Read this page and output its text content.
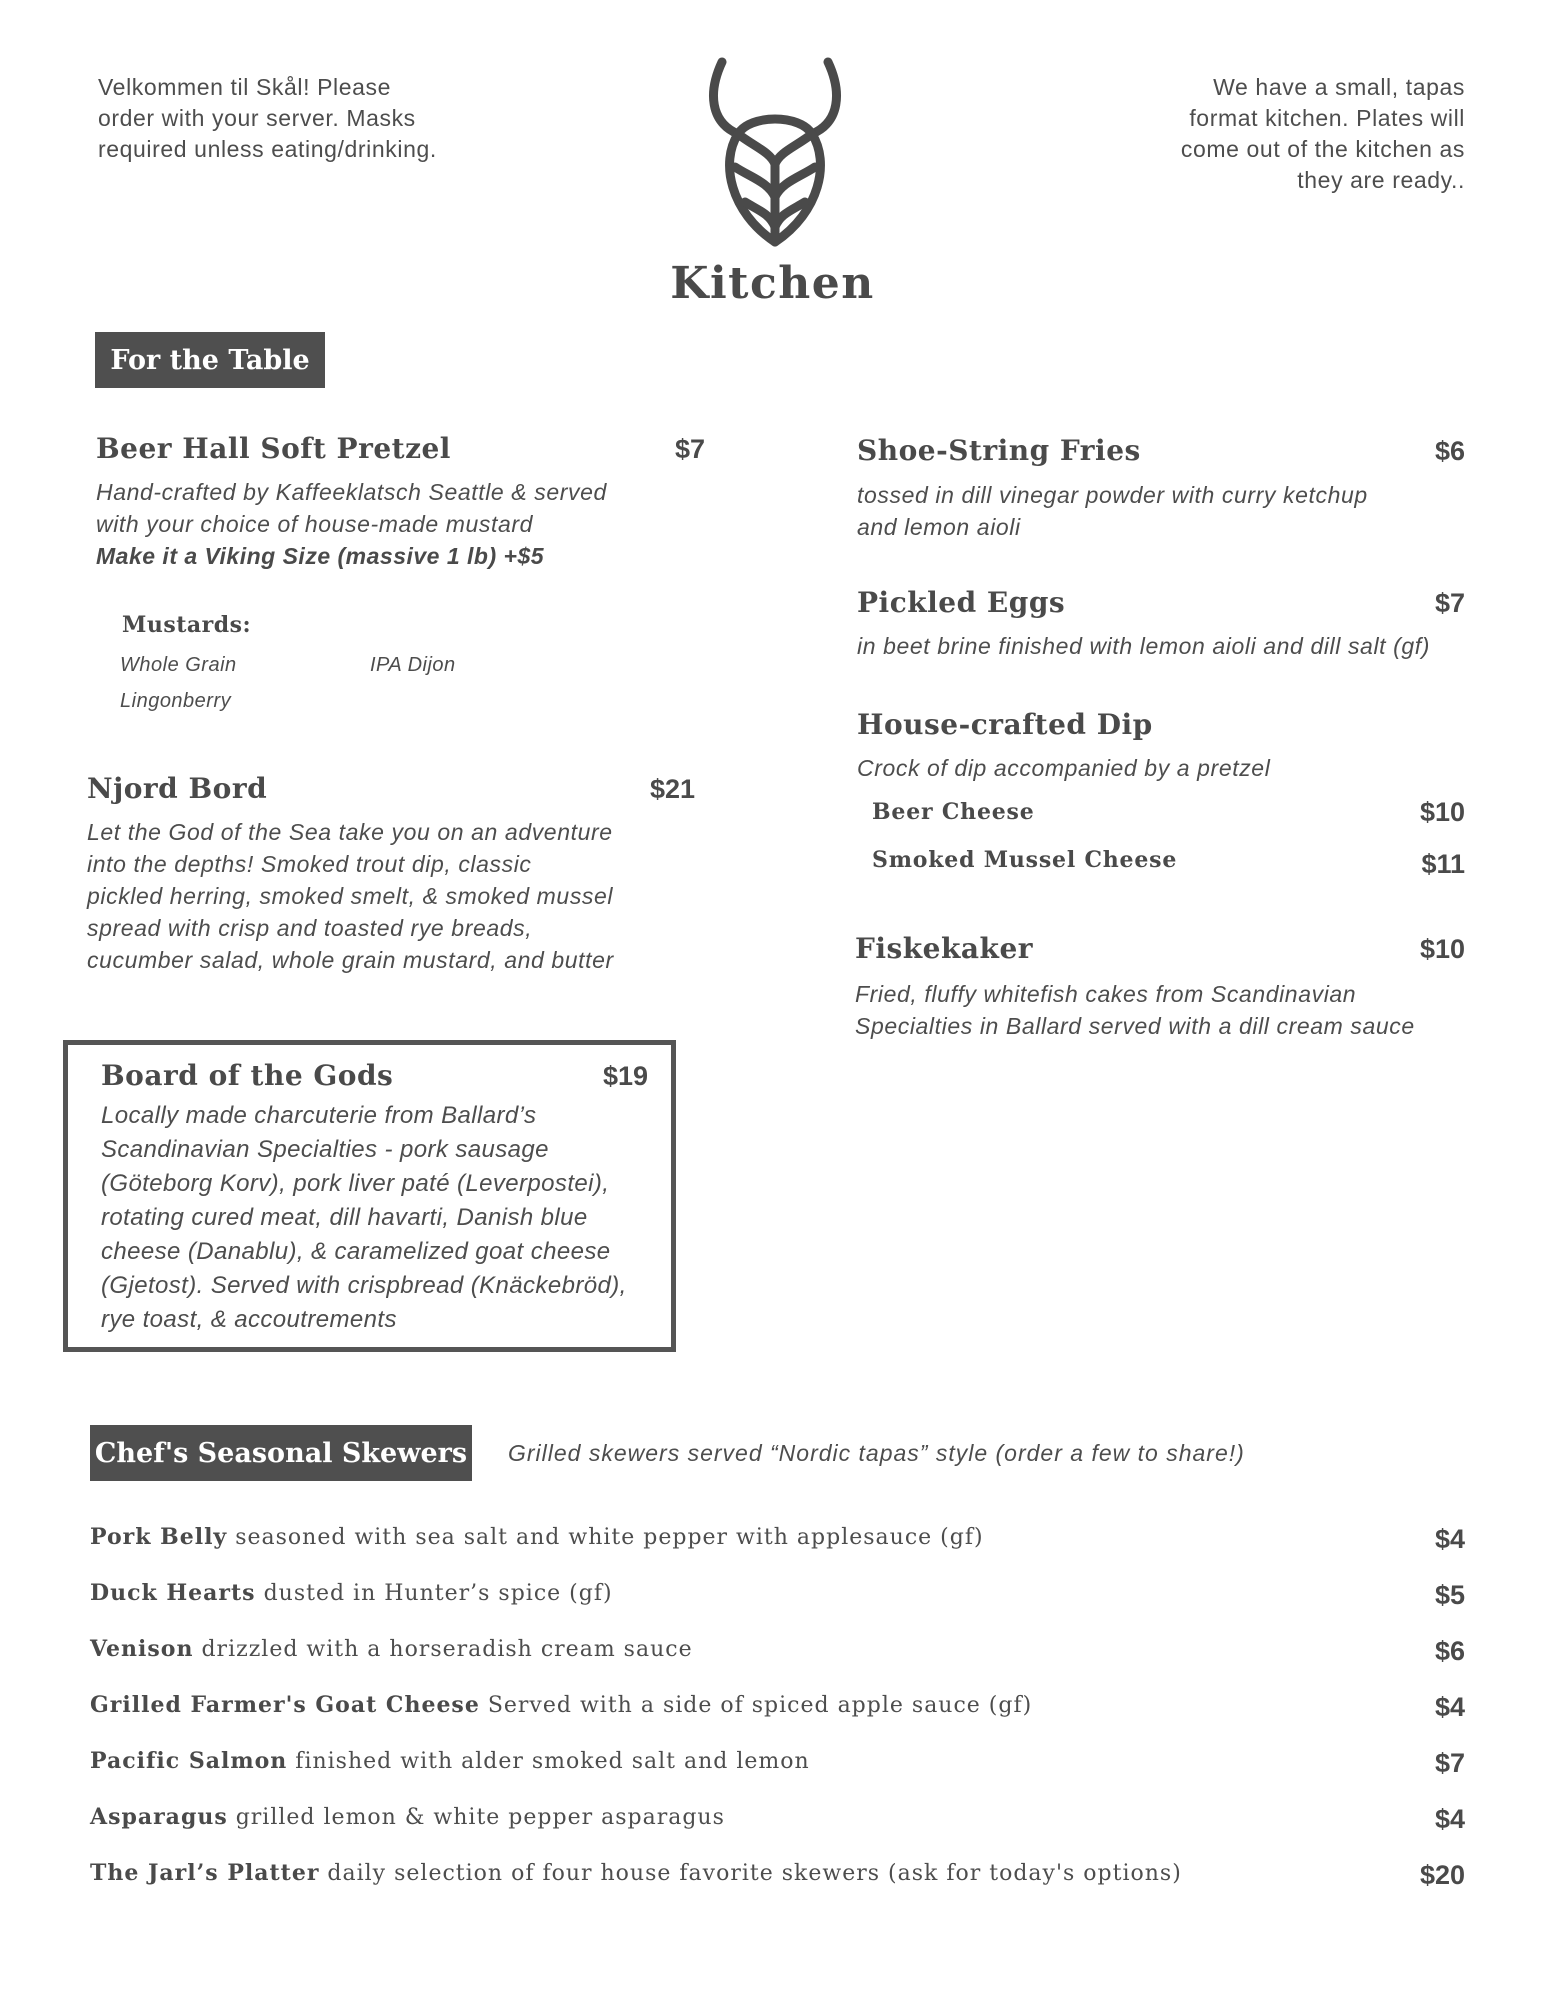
Velkommen til Skål! Please
order with your server. Masks
required unless eating/drinking.
We have a small, tapas
format kitchen. Plates will
come out of the kitchen as
they are ready..
Kitchen
For the Table
Beer Hall Soft Pretzel	$7
Hand-crafted by Kaffeeklatsch Seattle & served
with your choice of house-made mustard
Make it a Viking Size (massive 1 lb) +$5
Mustards:
Whole Grain	IPA Dijon
Lingonberry
Njord Bord	$21
Let the God of the Sea take you on an adventure
into the depths! Smoked trout dip, classic
pickled herring, smoked smelt, & smoked mussel
spread with crisp and toasted rye breads,
cucumber salad, whole grain mustard, and butter
Board of the Gods	$19
Locally made charcuterie from Ballard’s
Scandinavian Specialties - pork sausage
(Göteborg Korv), pork liver paté (Leverpostei),
rotating cured meat, dill havarti, Danish blue
cheese (Danablu), & caramelized goat cheese
(Gjetost). Served with crispbread (Knäckebröd),
rye toast, & accoutrements
Shoe-String Fries	$6
tossed in dill vinegar powder with curry ketchup
and lemon aioli
Pickled Eggs	$7
in beet brine finished with lemon aioli and dill salt (gf)
House-crafted Dip
Crock of dip accompanied by a pretzel
Beer Cheese	$10
Smoked Mussel Cheese	$11
Fiskekaker	$10
Fried, fluffy whitefish cakes from Scandinavian
Specialties in Ballard served with a dill cream sauce
Chef's Seasonal Skewers Grilled skewers served “Nordic tapas” style (order a few to share!)
Pork Belly seasoned with sea salt and white pepper with applesauce (gf)	$4
Duck Hearts dusted in Hunter’s spice (gf)	$5
Venison drizzled with a horseradish cream sauce	$6
Grilled Farmer's Goat Cheese Served with a side of spiced apple sauce (gf)	$4
Pacific Salmon finished with alder smoked salt and lemon	$7
Asparagus grilled lemon & white pepper asparagus	$4
The Jarl’s Platter daily selection of four house favorite skewers (ask for today's options)	$20
